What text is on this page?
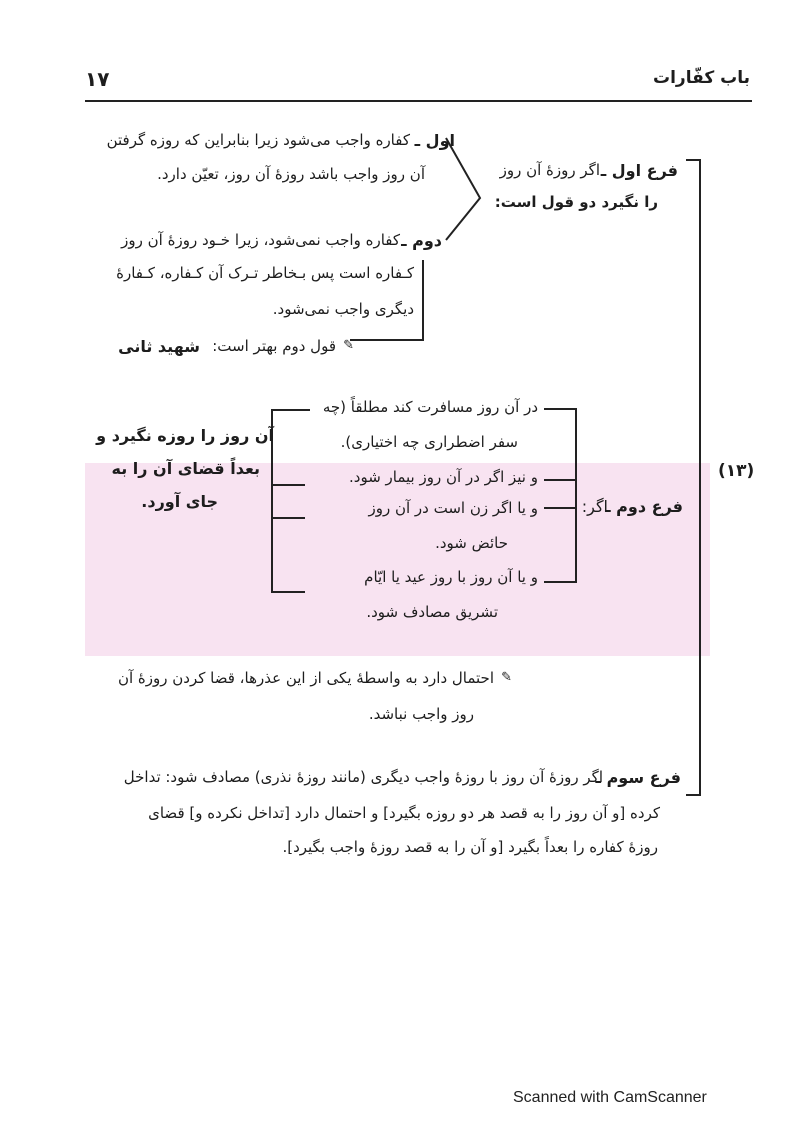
باب كفّارات
۱۷
(۱۳)
فرع اول ـ
اگر روزهٔ آن روز
را نگیرد دو قول است:
اول ـ
کفاره واجب می‌شود زیرا بنابراین که روزه گرفتن
آن روز واجب باشد روزهٔ آن روز، تعیّن دارد.
دوم ـ
کفاره واجب نمی‌شود، زیرا خـود روزهٔ آن روز
کـفاره است پس بـخاطر تـرک آن کـفاره، کـفارهٔ
دیگری واجب نمی‌شود.
✎
قول دوم بهتر است:
شهید ثانی
فرع دوم ـ
اگر:
در آن روز مسافرت کند مطلقاً (چه
سفر اضطراری چه اختیاری).
و نیز اگر در آن روز بیمار شود.
و یا اگر زن است در آن روز
حائض شود.
و یا آن روز با روز عید یا ایّام
تشریق مصادف شود.
آن روز را روزه نگیرد و
بعداً قضای آن را به
جای آورد.
✎
احتمال دارد به واسطهٔ یکی از این عذرها، قضا کردن روزهٔ آن
روز واجب نباشد.
فرع سوم ـ
اگر روزهٔ آن روز با روزهٔ واجب دیگری (مانند روزهٔ نذری) مصادف شود: تداخل
کرده [و آن روز را به قصد هر دو روزه بگیرد] و احتمال دارد [تداخل نکرده و] قضای
روزهٔ کفاره را بعداً بگیرد [و آن را به قصد روزهٔ واجب بگیرد].
Scanned with CamScanner
